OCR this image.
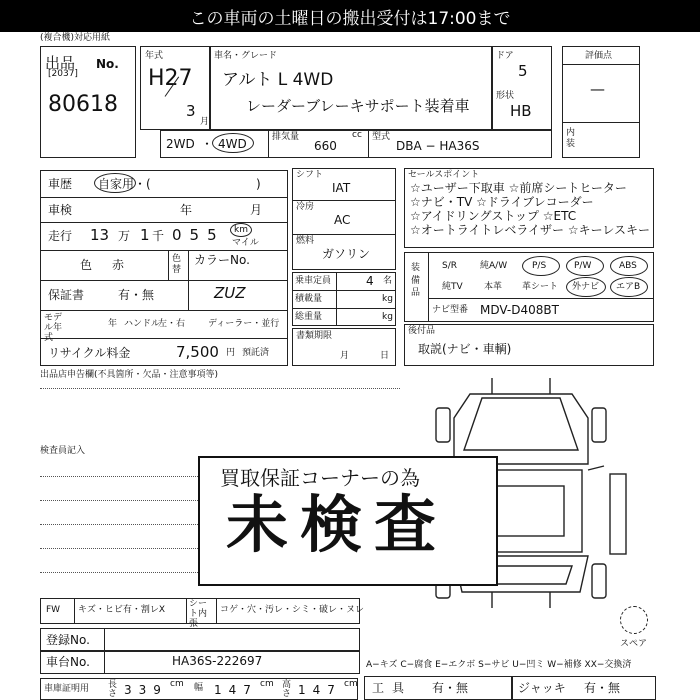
この車両の土曜日の搬出受付は17:00まで
(複合機)対応用紙
出品 No.
[2037]
80618
年式
H27
3
月
車名・グレード
アルト L 4WD
レーダーブレーキサポート装着車
ドア
5
形状
HB
評価点
—
内装
2WD ・ 4WD	排気量
660
cc 型式
DBA − HA36S
車歴 自家用・(	)
車検	年	月
走行 13 万 1 千 055 km
マイル
色 赤	色替
カラーNo.
ZUZ
保証書	有・無
モデル年式
年 ハンドル
左・右	ディーラー・並行
リサイクル料金	7,500 円 預託済
シフト
IAT
冷房
AC
燃料
ガソリン
乗車定員	4 名
積載量	kg
総重量	kg
書類期限
月	日
セールスポイント
☆ユーザー下取車 ☆前席シートヒーター
☆ナビ・TV ☆ドライブレコーダー
☆アイドリングストップ ☆ETC
☆オートライトレベライザー ☆キーレスキー
装備品
S/R	純A/W	P/S	P/W	ABS
純TV 本革 革シート 外ナビ エアB
ナビ型番 MDV-D408BT
後付品
取説(ナビ・車輌)
出品店申告欄(不具箇所・欠品・注意事項等)
検査員記入
スペア
買取保証コーナーの為
未検査
FW キズ・ヒビ有・割レX
シート内張
コゲ・穴・汚レ・シミ・破レ・ヌレ
登録No.
車台No.	HA36S-222697
車庫証明用 長さ 339 cm 幅 147 cm 高さ 147 cm
A−キズ C−腐食 E−エクボ S−サビ U−凹ミ W−補修 XX−交換済
工具 有・無	ジャッキ 有・無
